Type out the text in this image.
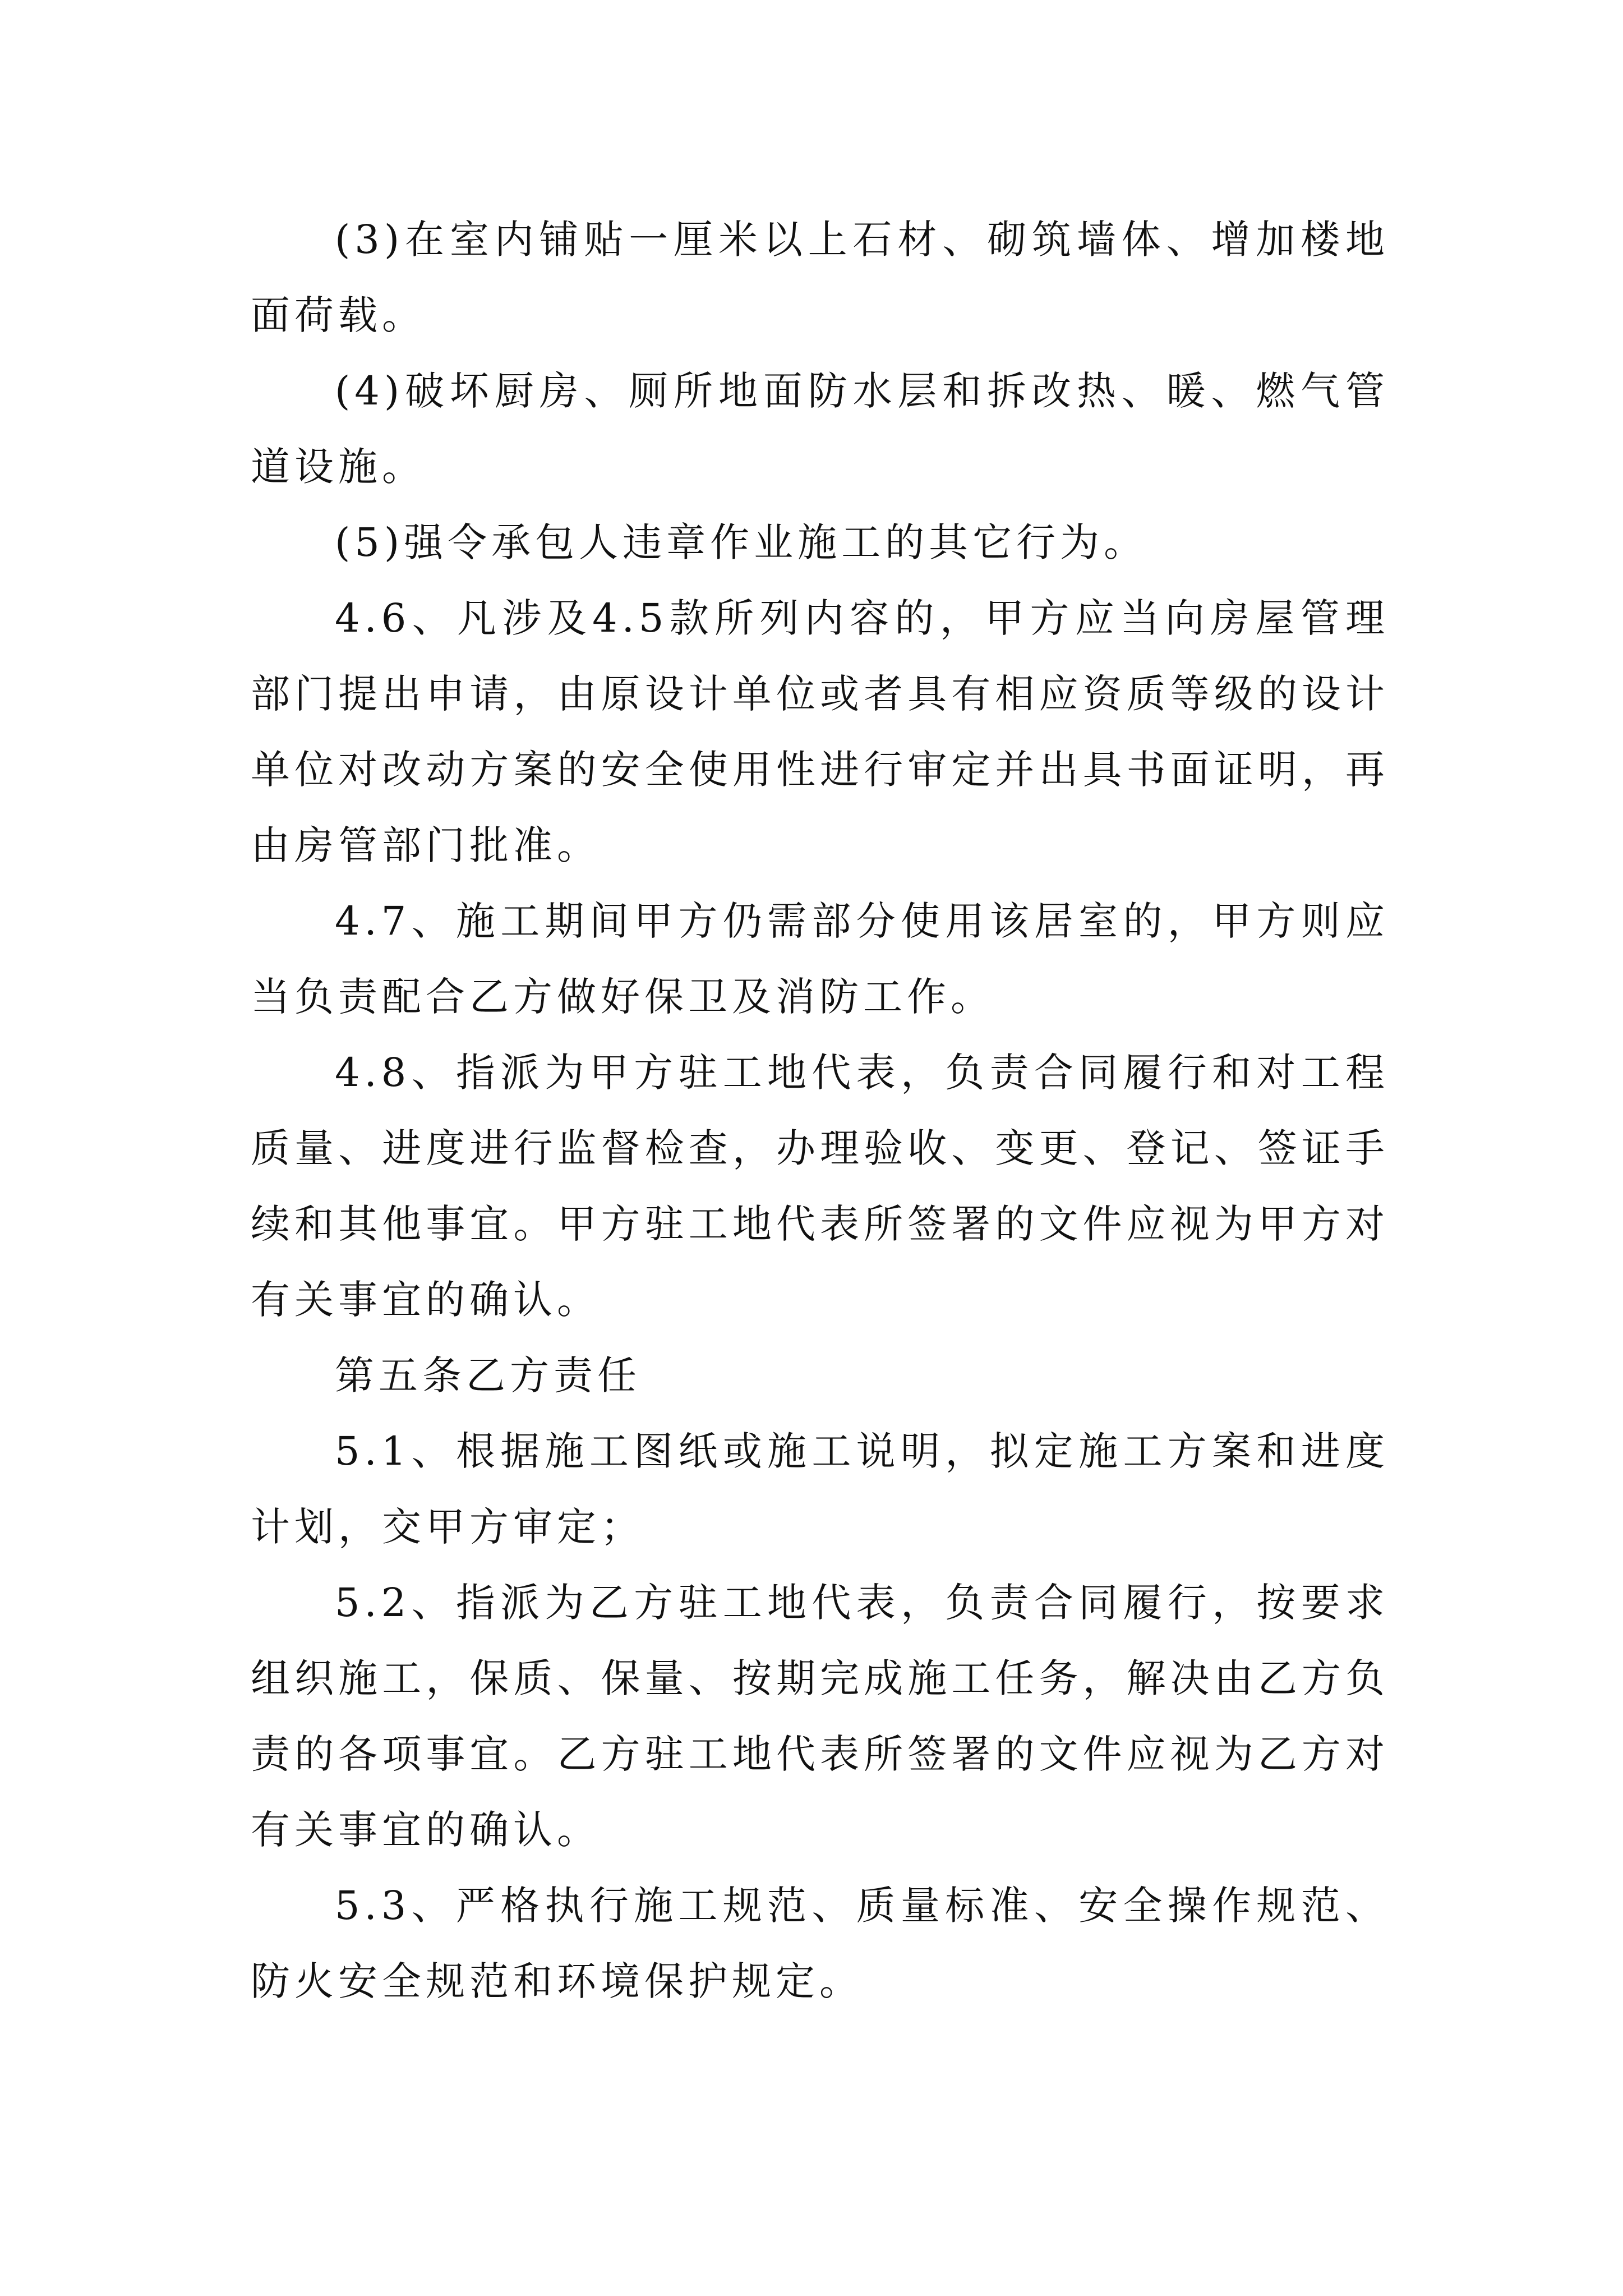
(3)在室内铺贴一厘米以上石材、砌筑墙体、增加楼地面荷载。

(4)破坏厨房、厕所地面防水层和拆改热、暖、燃气管道设施。

(5)强令承包人违章作业施工的其它行为。

4.6、凡涉及4.5款所列内容的，甲方应当向房屋管理部门提出申请，由原设计单位或者具有相应资质等级的设计单位对改动方案的安全使用性进行审定并出具书面证明，再由房管部门批准。

4.7、施工期间甲方仍需部分使用该居室的，甲方则应当负责配合乙方做好保卫及消防工作。

4.8、指派为甲方驻工地代表，负责合同履行和对工程质量、进度进行监督检查，办理验收、变更、登记、签证手续和其他事宜。甲方驻工地代表所签署的文件应视为甲方对有关事宜的确认。

第五条乙方责任

5.1、根据施工图纸或施工说明，拟定施工方案和进度计划，交甲方审定；

5.2、指派为乙方驻工地代表，负责合同履行，按要求组织施工，保质、保量、按期完成施工任务，解决由乙方负责的各项事宜。乙方驻工地代表所签署的文件应视为乙方对有关事宜的确认。

5.3、严格执行施工规范、质量标准、安全操作规范、防火安全规范和环境保护规定。
